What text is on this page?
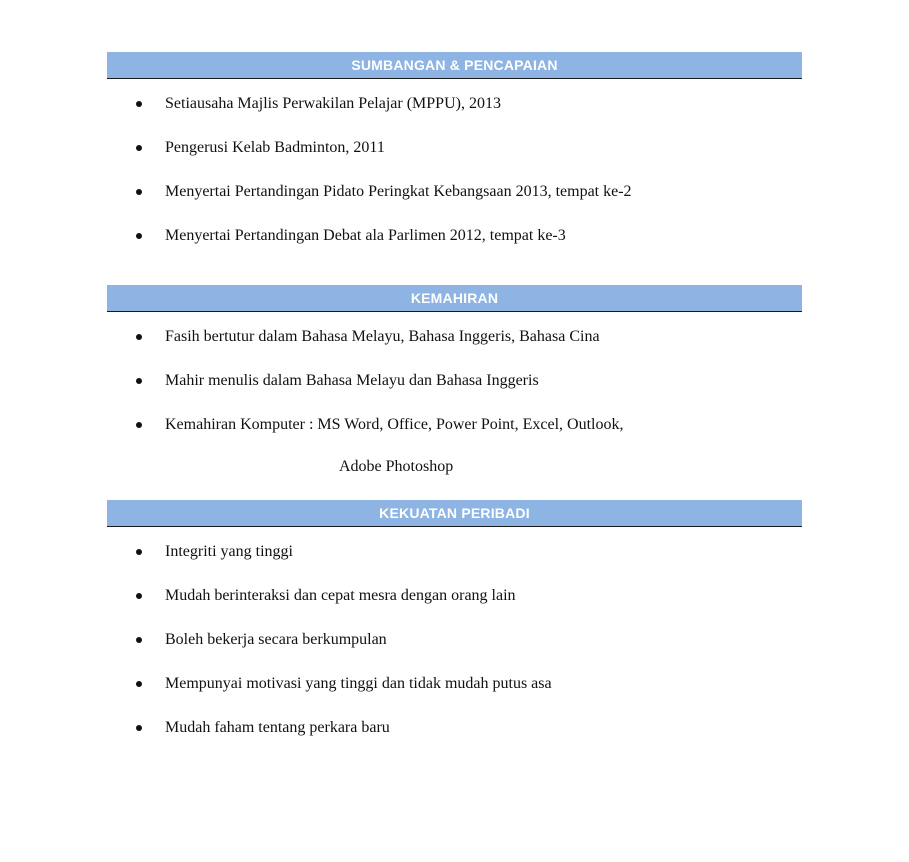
SUMBANGAN & PENCAPAIAN
Setiausaha Majlis Perwakilan Pelajar (MPPU), 2013
Pengerusi Kelab Badminton, 2011
Menyertai Pertandingan Pidato Peringkat Kebangsaan 2013, tempat ke-2
Menyertai Pertandingan Debat ala Parlimen 2012, tempat ke-3
KEMAHIRAN
Fasih bertutur dalam Bahasa Melayu, Bahasa Inggeris, Bahasa Cina
Mahir menulis dalam Bahasa Melayu dan Bahasa Inggeris
Kemahiran Komputer : MS Word, Office, Power Point, Excel, Outlook,
Adobe Photoshop
KEKUATAN PERIBADI
Integriti yang tinggi
Mudah berinteraksi dan cepat mesra dengan orang lain
Boleh bekerja secara berkumpulan
Mempunyai motivasi yang tinggi dan tidak mudah putus asa
Mudah faham tentang perkara baru
